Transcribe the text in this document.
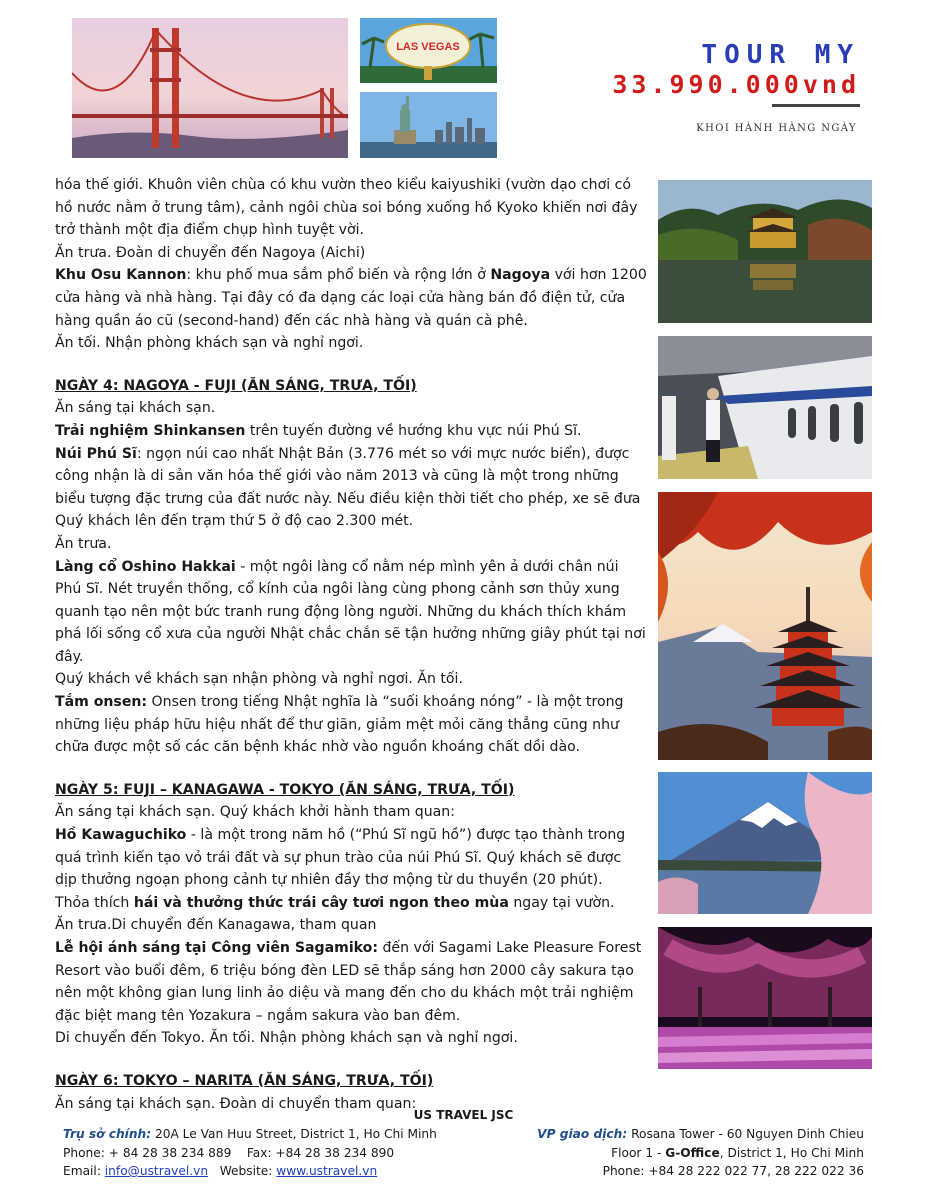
LAS VEGAS	TOUR MY
33.990.000vnd
KHOI HÀNH HÀNG NGÀY

hóa thế giới. Khuôn viên chùa có khu vườn theo kiểu kaiyushiki (vườn dạo chơi có hồ nước nằm ở trung tâm), cảnh ngôi chùa soi bóng xuống hồ Kyoko khiến nơi đây trở thành một địa điểm chụp hình tuyệt vời.

Ăn trưa. Đoàn di chuyển đến Nagoya (Aichi)

Khu Osu Kannon: khu phố mua sắm phổ biến và rộng lớn ở Nagoya với hơn 1200 cửa hàng và nhà hàng. Tại đây có đa dạng các loại cửa hàng bán đồ điện tử, cửa hàng quần áo cũ (second-hand) đến các nhà hàng và quán cà phê.

Ăn tối. Nhận phòng khách sạn và nghỉ ngơi.

NGÀY 4: NAGOYA - FUJI (ĂN SÁNG, TRƯA, TỐI)

Ăn sáng tại khách sạn.

Trải nghiệm Shinkansen trên tuyến đường về hướng khu vực núi Phú Sĩ.

Núi Phú Sĩ: ngọn núi cao nhất Nhật Bản (3.776 mét so với mực nước biển), được công nhận là di sản văn hóa thế giới vào năm 2013 và cũng là một trong những biểu tượng đặc trưng của đất nước này. Nếu điều kiện thời tiết cho phép, xe sẽ đưa Quý khách lên đến trạm thứ 5 ở độ cao 2.300 mét.

Ăn trưa.

Làng cổ Oshino Hakkai - một ngôi làng cổ nằm nép mình yên ả dưới chân núi Phú Sĩ. Nét truyền thống, cổ kính của ngôi làng cùng phong cảnh sơn thủy xung quanh tạo nên một bức tranh rung động lòng người. Những du khách thích khám phá lối sống cổ xưa của người Nhật chắc chắn sẽ tận hưởng những giây phút tại nơi đây.

Quý khách về khách sạn nhận phòng và nghỉ ngơi. Ăn tối.

Tắm onsen: Onsen trong tiếng Nhật nghĩa là “suối khoáng nóng” - là một trong những liệu pháp hữu hiệu nhất để thư giãn, giảm mệt mỏi căng thẳng cũng như chữa được một số các căn bệnh khác nhờ vào nguồn khoáng chất dồi dào.

NGÀY 5: FUJI – KANAGAWA - TOKYO (ĂN SÁNG, TRƯA, TỐI)

Ăn sáng tại khách sạn. Quý khách khởi hành tham quan:

Hồ Kawaguchiko - là một trong năm hồ (“Phú Sĩ ngũ hồ”) được tạo thành trong quá trình kiến tạo vỏ trái đất và sự phun trào của núi Phú Sĩ. Quý khách sẽ được dịp thưởng ngoạn phong cảnh tự nhiên đầy thơ mộng từ du thuyền (20 phút).

Thỏa thích hái và thưởng thức trái cây tươi ngon theo mùa ngay tại vườn.

Ăn trưa.Di chuyển đến Kanagawa, tham quan

Lễ hội ánh sáng tại Công viên Sagamiko: đến với Sagami Lake Pleasure Forest Resort vào buổi đêm, 6 triệu bóng đèn LED sẽ thắp sáng hơn 2000 cây sakura tạo nên một không gian lung linh ảo diệu và mang đến cho du khách một trải nghiệm đặc biệt mang tên Yozakura – ngắm sakura vào ban đêm.

Di chuyển đến Tokyo. Ăn tối. Nhận phòng khách sạn và nghỉ ngơi.

NGÀY 6: TOKYO – NARITA (ĂN SÁNG, TRƯA, TỐI)

Ăn sáng tại khách sạn. Đoàn di chuyển tham quan:

US TRAVEL JSC
Trụ sở chính: 20A Le Van Huu Street, District 1, Ho Chi Minh
Phone: + 84 28 38 234 889    Fax: +84 28 38 234 890
Email: info@ustravel.vn   Website: www.ustravel.vn
VP giao dịch: Rosana Tower - 60 Nguyen Dinh Chieu
Floor 1 - G-Office, District 1, Ho Chi Minh
Phone: +84 28 222 022 77, 28 222 022 36
